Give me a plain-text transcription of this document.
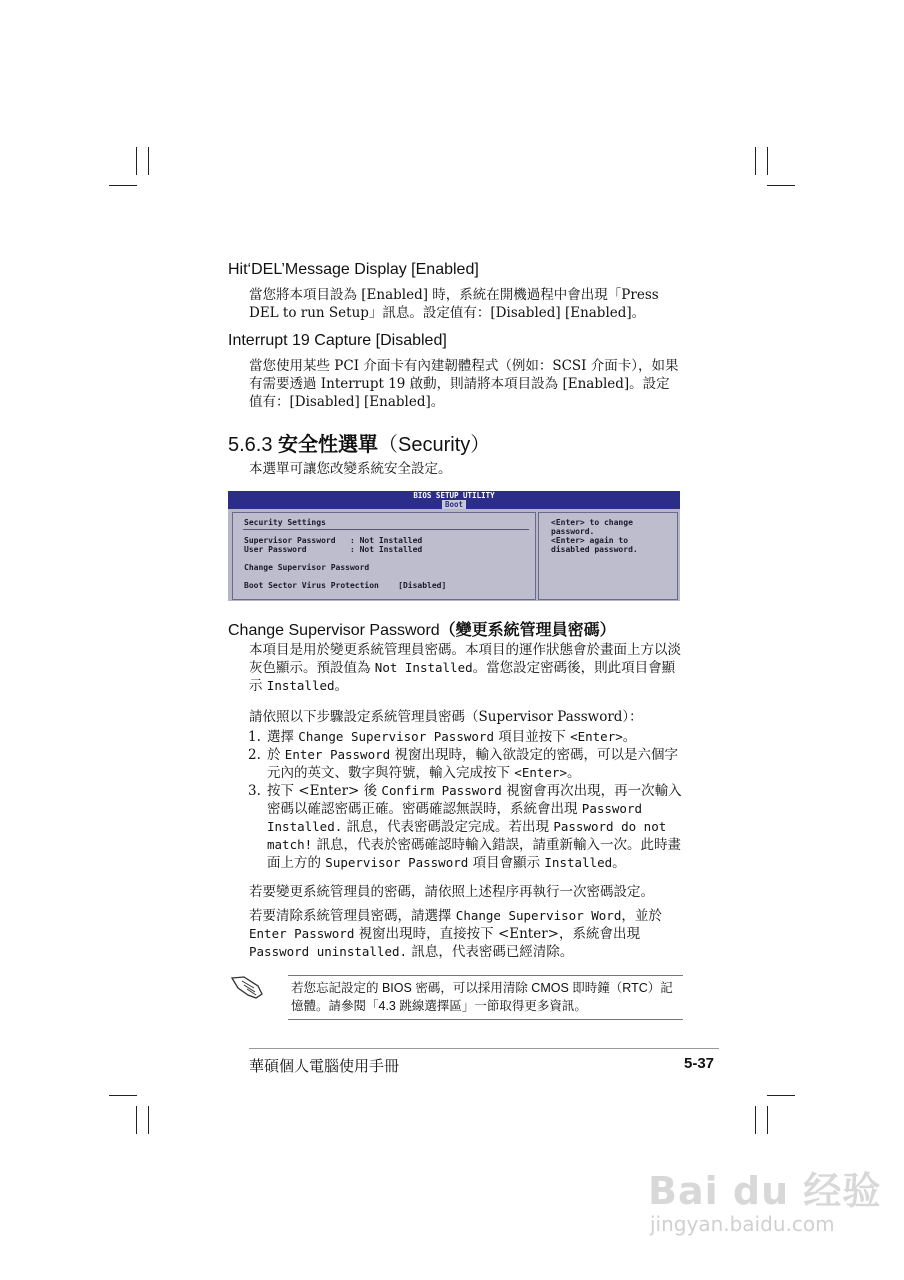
Hit‘DEL’Message Display [Enabled]

當您將本項目設為 [Enabled] 時，系統在開機過程中會出現「Press DEL to run Setup」訊息。設定值有：[Disabled] [Enabled]。

Interrupt 19 Capture [Disabled]

當您使用某些 PCI 介面卡有內建韌體程式（例如：SCSI 介面卡），如果有需要透過 Interrupt 19 啟動，則請將本項目設為 [Enabled]。設定值有：[Disabled] [Enabled]。

5.6.3 安全性選單（Security）
本選單可讓您改變系統安全設定。
BIOS SETUP UTILITY
Boot
Security Settings
Supervisor Password   : Not Installed
User Password         : Not Installed
Change Supervisor Password
Boot Sector Virus Protection    [Disabled]
<Enter> to change
password.
<Enter> again to
disabled password.
Change Supervisor Password（變更系統管理員密碼）

本項目是用於變更系統管理員密碼。本項目的運作狀態會於畫面上方以淡灰色顯示。預設值為 Not Installed。當您設定密碼後，則此項目會顯示 Installed。

請依照以下步驟設定系統管理員密碼（Supervisor Password）：

1. 選擇 Change Supervisor Password 項目並按下 <Enter>。

2. 於 Enter Password 視窗出現時，輸入欲設定的密碼，可以是六個字元內的英文、數字與符號，輸入完成按下 <Enter>。

3. 按下 <Enter> 後 Confirm Password 視窗會再次出現，再一次輸入密碼以確認密碼正確。密碼確認無誤時，系統會出現 Password Installed. 訊息，代表密碼設定完成。若出現 Password do not match! 訊息，代表於密碼確認時輸入錯誤，請重新輸入一次。此時畫面上方的 Supervisor Password 項目會顯示 Installed。

若要變更系統管理員的密碼，請依照上述程序再執行一次密碼設定。

若要清除系統管理員密碼，請選擇 Change Supervisor Word，並於 Enter Password 視窗出現時，直接按下 <Enter>，系統會出現 Password uninstalled. 訊息，代表密碼已經清除。

若您忘記設定的 BIOS 密碼，可以採用清除 CMOS 即時鐘（RTC）記憶體。請參閱「4.3 跳線選擇區」一節取得更多資訊。
華碩個人電腦使用手冊	5-37
Bai du 经验
jingyan.baidu.com
